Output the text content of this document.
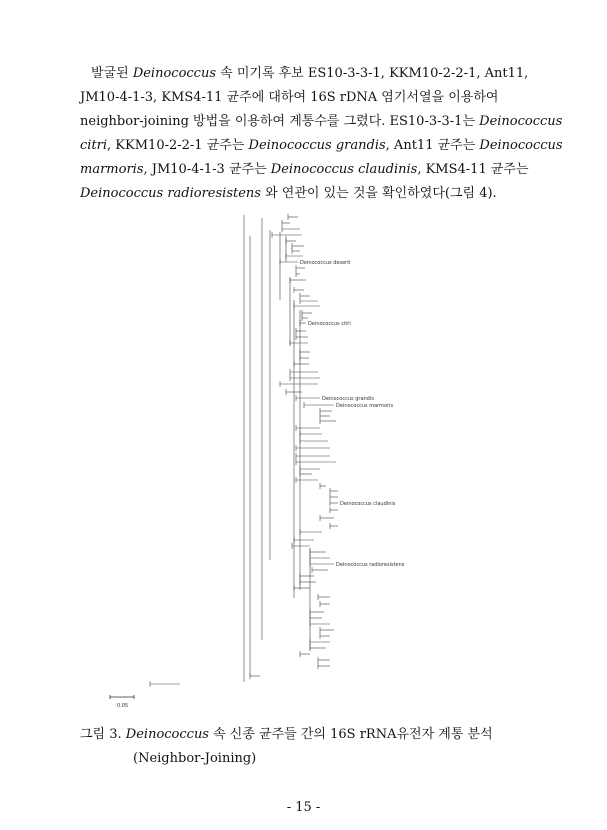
발굴된 Deinococcus 속 미기록 후보 ES10-3-3-1, KKM10-2-2-1, Ant11,
JM10-4-1-3, KMS4-11 균주에 대하여 16S rDNA 염기서열을 이용하여
neighbor-joining 방법을 이용하여 계통수를 그렸다. ES10-3-3-1는 Deinococcus
citri, KKM10-2-2-1 균주는 Deinococcus grandis, Ant11 균주는 Deinococcus
marmoris, JM10-4-1-3 균주는 Deinococcus claudinis, KMS4-11 균주는
Deinococcus radioresistens 와 연관이 있는 것을 확인하였다(그림 4).
Deinococcus deserti
Deinococcus citri
Deinococcus grandis
Deinococcus marmoris
Deinococcus claudinis
Deinococcus radioresistens
0.05
그림 3. Deinococcus 속 신종 균주들 간의 16S rRNA유전자 계통 분석
(Neighbor-Joining)
- 15 -
